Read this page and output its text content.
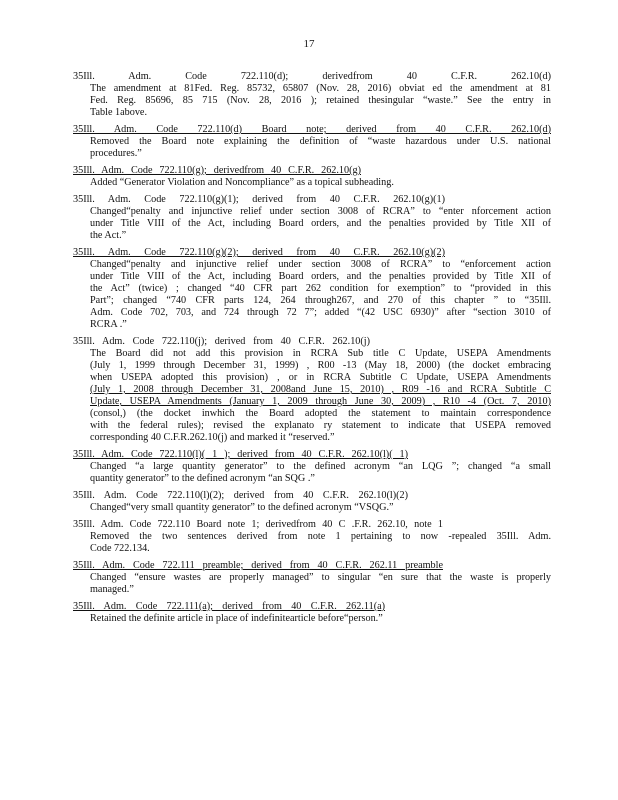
17
35Ill. Adm. Code 722.110(d); derivedfrom 40 C.F.R. 262.10(d)
The amendment at 81Fed. Reg. 85732, 65807 (Nov. 28, 2016) obviat ed the amendment at 81
Fed. Reg. 85696, 85 715 (Nov. 28, 2016 ); retained thesingular “waste.” See the entry in
Table 1above.
35Ill. Adm. Code 722.110(d) Board note; derived from 40 C.F.R. 262.10(d)
Removed the Board note explaining the definition of “waste hazardous under U.S. national
procedures.”
35Ill. Adm. Code 722.110(g); derivedfrom 40 C.F.R. 262.10(g)
Added “Generator Violation and Noncompliance” as a topical subheading.
35Ill. Adm. Code 722.110(g)(1); derived from 40 C.F.R. 262.10(g)(1)
Changed“penalty and injunctive relief under section 3008 of RCRA” to “enter nforcement action
under Title VIII of the Act, including Board orders, and the penalties provided by Title XII of
the Act.”
35Ill. Adm. Code 722.110(g)(2); derived from 40 C.F.R. 262.10(g)(2)
Changed“penalty and injunctive relief under section 3008 of RCRA” to “enforcement action
under Title VIII of the Act, including Board orders, and the penalties provided by Title XII of
the Act” (twice) ; changed “40 CFR part 262 condition for exemption” to “provided in this
Part”; changed “740 CFR parts 124, 264 through267, and 270 of this chapter ” to “35Ill.
Adm. Code 702, 703, and 724 through 72 7”; added “(42 USC 6930)” after “section 3010 of
RCRA .”
35Ill. Adm. Code 722.110(j); derived from 40 C.F.R. 262.10(j)
The Board did not add this provision in RCRA Sub title C Update, USEPA Amendments
(July 1, 1999 through December 31, 1999) , R00 -13 (May 18, 2000) (the docket embracing
when USEPA adopted this provision) , or in RCRA Subtitle C Update, USEPA Amendments
(July 1, 2008 through December 31, 2008and June 15, 2010) , R09 -16 and RCRA Subtitle C
Update, USEPA Amendments (January 1, 2009 through June 30, 2009) , R10 -4 (Oct. 7, 2010)
(consol,) (the docket inwhich the Board adopted the statement to maintain correspondence
with the federal rules); revised the explanato ry statement to indicate that USEPA removed
corresponding 40 C.F.R.262.10(j) and marked it “reserved.”
35Ill. Adm. Code 722.110(l)( 1 ); derived from 40 C.F.R. 262.10(l)( 1)
Changed “a large quantity generator” to the defined acronym “an LQG ”; changed “a small
quantity generator” to the defined acronym “an SQG .”
35Ill. Adm. Code 722.110(l)(2); derived from 40 C.F.R. 262.10(l)(2)
Changed“very small quantity generator” to the defined acronym “VSQG.”
35Ill. Adm. Code 722.110 Board note 1; derivedfrom 40 C .F.R. 262.10, note 1
Removed the two sentences derived from note 1 pertaining to now -repealed 35Ill. Adm.
Code 722.134.
35Ill. Adm. Code 722.111 preamble; derived from 40 C.F.R. 262.11 preamble
Changed “ensure wastes are properly managed” to singular “en sure that the waste is properly
managed.”
35Ill. Adm. Code 722.111(a); derived from 40 C.F.R. 262.11(a)
Retained the definite article in place of indefinitearticle before“person.”
